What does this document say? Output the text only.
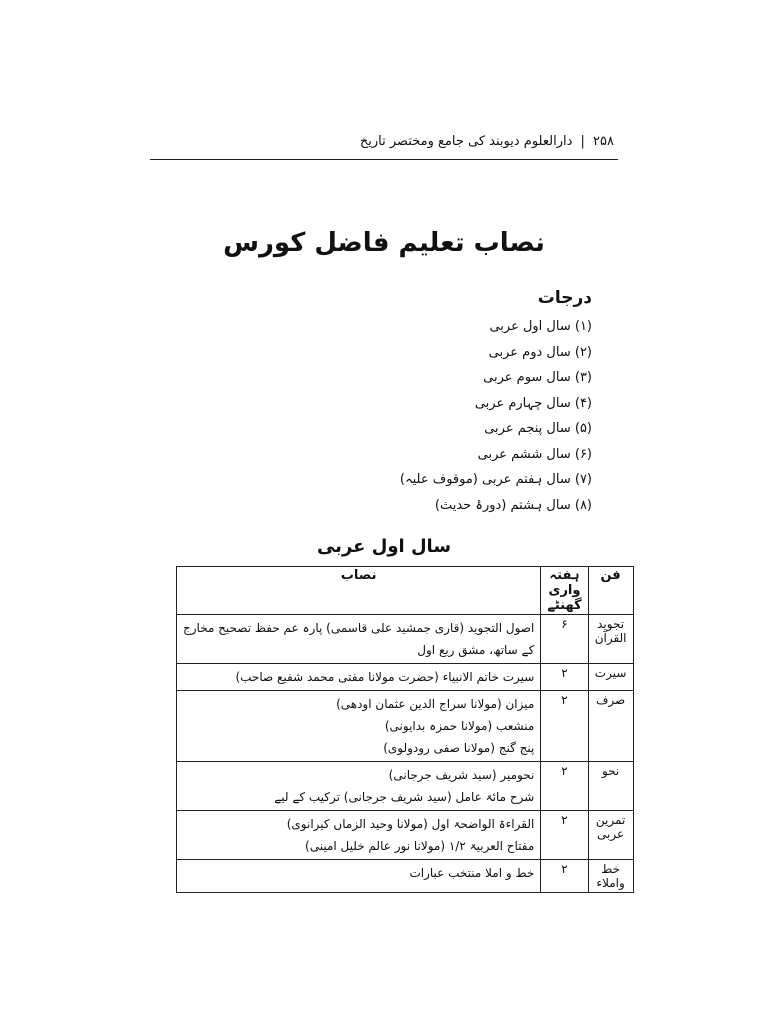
۲۵۸ | دارالعلوم دیوبند کی جامع ومختصر تاریخ
نصاب تعلیم فاضل کورس
درجات
(۱) سال اول عربی
(۲) سال دوم عربی
(۳) سال سوم عربی
(۴) سال چہارم عربی
(۵) سال پنجم عربی
(۶) سال ششم عربی
(۷) سال ہفتم عربی (موقوف علیہ)
(۸) سال ہشتم (دورۂ حدیث)
سال اول عربی
فن	ہفتہ واری گھنٹے	نصاب
تجوید القرآن	۶	اصول التجوید (قاری جمشید علی قاسمی) پارہ عم حفظ تصحیح مخارج
کے ساتھ، مشق ربع اول

سیرت	۲	سیرت خاتم الانبیاء (حضرت مولانا مفتی محمد شفیع صاحب)

صرف	۲	میزان (مولانا سراج الدین عثمان اودھی)
منشعب (مولانا حمزہ بدایونی)
پنج گنج (مولانا صفی رودولوی)

نحو	۲	نحومیر (سید شریف جرجانی)
شرح مائۃ عامل (سید شریف جرجانی) ترکیب کے لیے

تمرین عربی	۲	القراءۃ الواضحۃ اول (مولانا وحید الزماں کیرانوی)
مفتاح العربیۃ ۱/۲ (مولانا نور عالم خلیل امینی)

خط واملاء	۲	خط و املا منتخب عبارات
